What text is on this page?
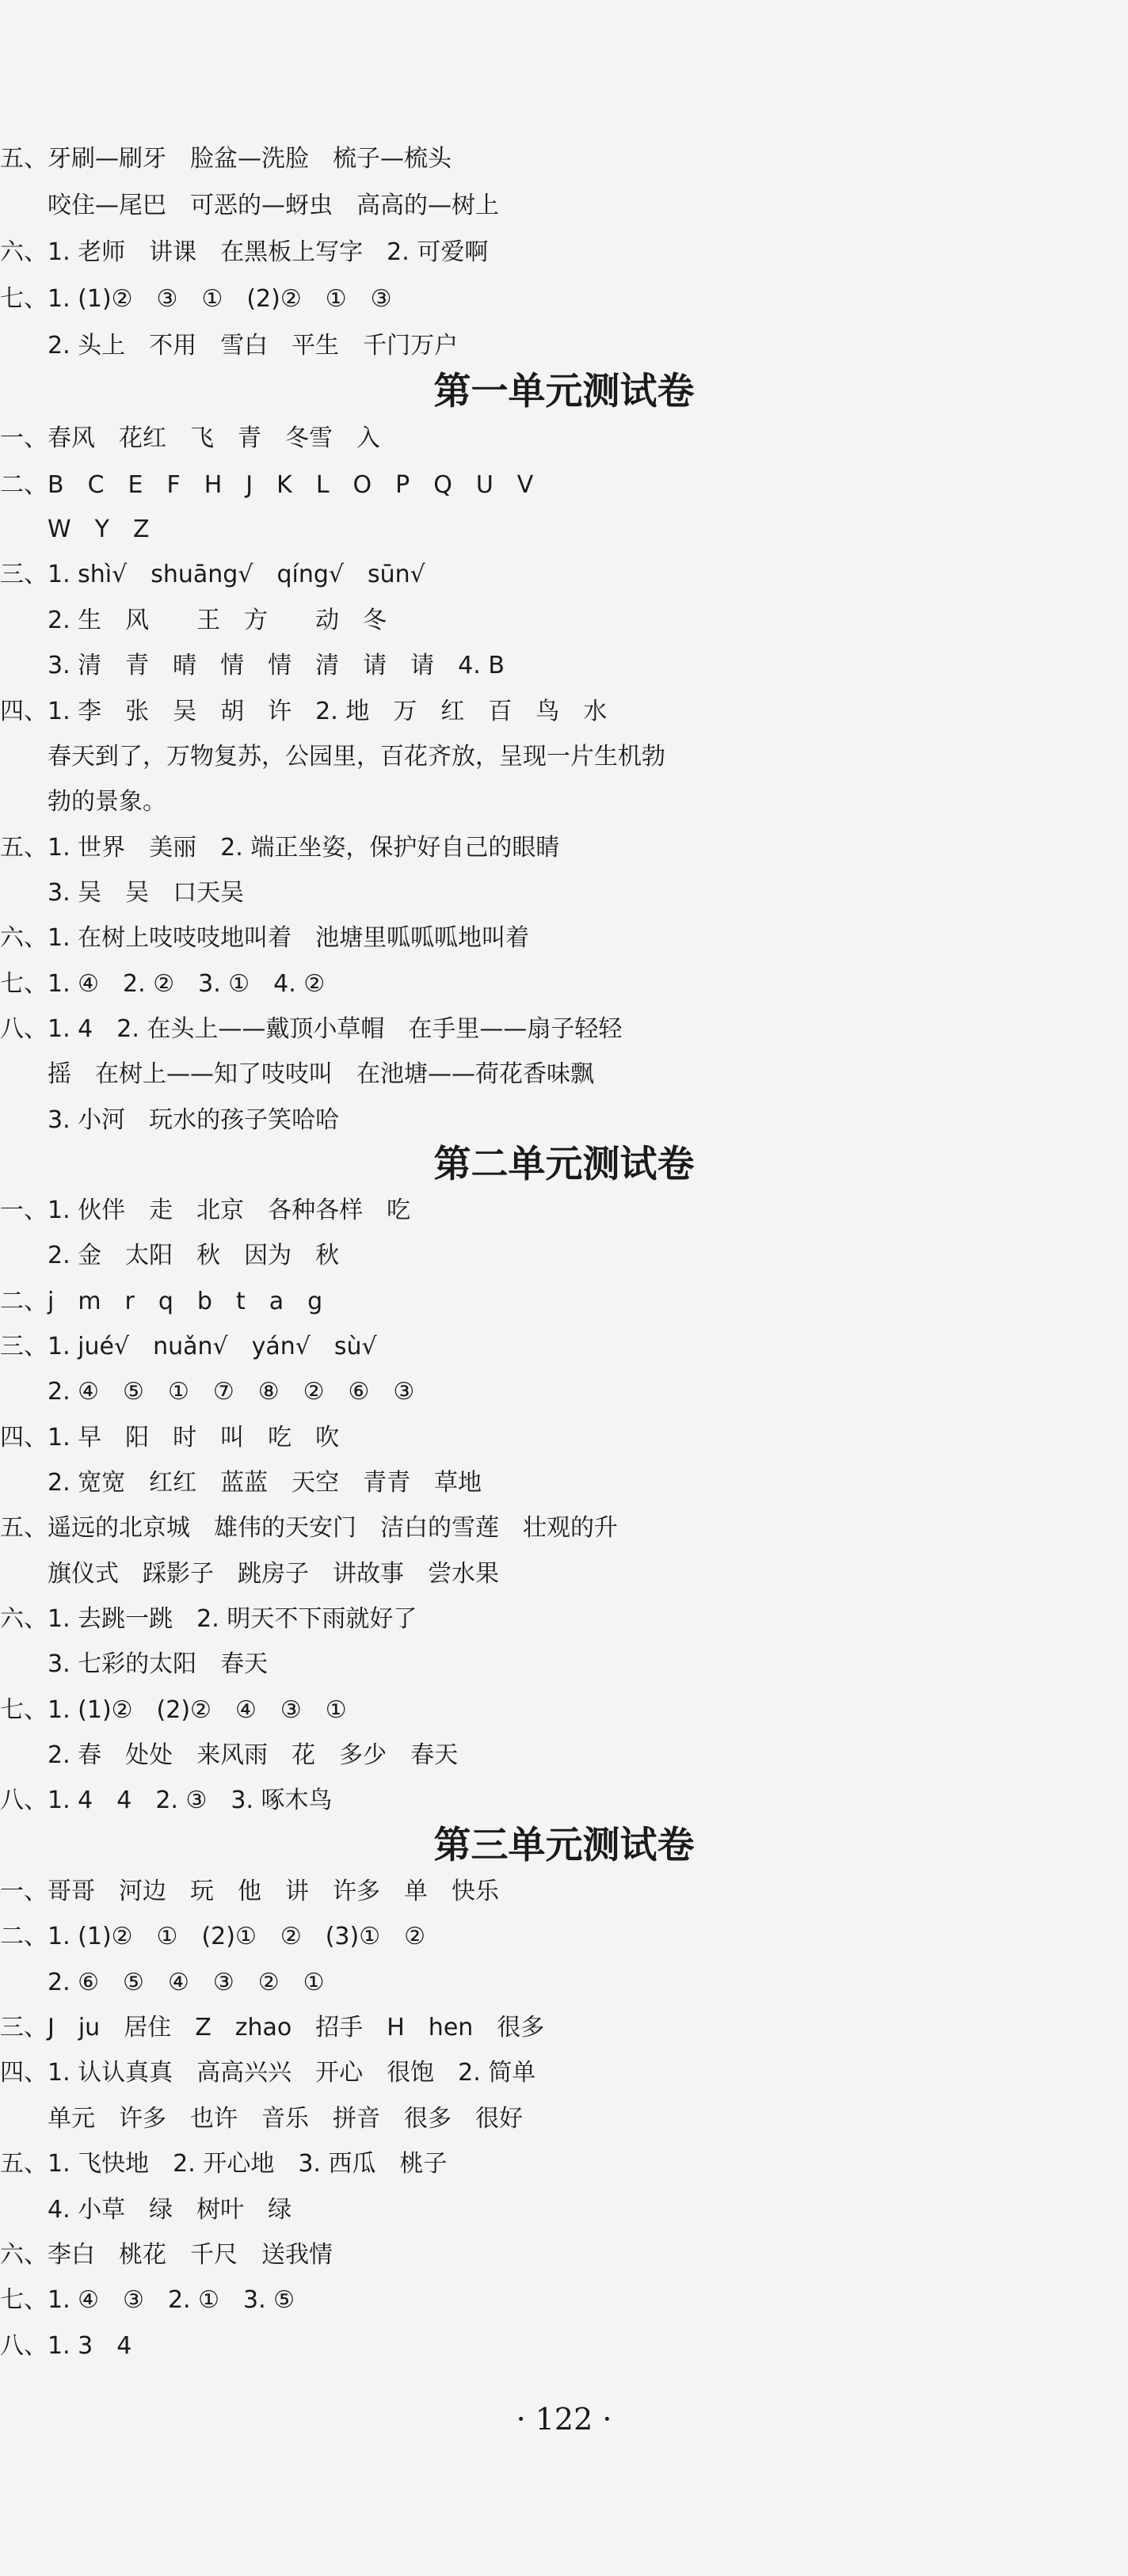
五、牙刷—刷牙　脸盆—洗脸　梳子—梳头
　　咬住—尾巴　可恶的—蚜虫　高高的—树上
六、1. 老师　讲课　在黑板上写字　2. 可爱啊
七、1. (1)②　③　①　(2)②　①　③
　　2. 头上　不用　雪白　平生　千门万户
第一单元测试卷
一、春风　花红　飞　青　冬雪　入
二、B　C　E　F　H　J　K　L　O　P　Q　U　V
　　W　Y　Z
三、1. shì√　shuāng√　qíng√　sūn√
　　2. 生　风　　王　方　　动　冬
　　3. 清　青　晴　情　情　清　请　请　4. B
四、1. 李　张　吴　胡　许　2. 地　万　红　百　鸟　水
　　春天到了，万物复苏，公园里，百花齐放，呈现一片生机勃
　　勃的景象。
五、1. 世界　美丽　2. 端正坐姿，保护好自己的眼睛
　　3. 吴　吴　口天吴
六、1. 在树上吱吱吱地叫着　池塘里呱呱呱地叫着
七、1. ④　2. ②　3. ①　4. ②
八、1. 4　2. 在头上——戴顶小草帽　在手里——扇子轻轻
　　摇　在树上——知了吱吱叫　在池塘——荷花香味飘
　　3. 小河　玩水的孩子笑哈哈
第二单元测试卷
一、1. 伙伴　走　北京　各种各样　吃
　　2. 金　太阳　秋　因为　秋
二、j　m　r　q　b　t　a　g
三、1. jué√　nuǎn√　yán√　sù√
　　2. ④　⑤　①　⑦　⑧　②　⑥　③
四、1. 早　阳　时　叫　吃　吹
　　2. 宽宽　红红　蓝蓝　天空　青青　草地
五、遥远的北京城　雄伟的天安门　洁白的雪莲　壮观的升
　　旗仪式　踩影子　跳房子　讲故事　尝水果
六、1. 去跳一跳　2. 明天不下雨就好了
　　3. 七彩的太阳　春天
七、1. (1)②　(2)②　④　③　①
　　2. 春　处处　来风雨　花　多少　春天
八、1. 4　4　2. ③　3. 啄木鸟
第三单元测试卷
一、哥哥　河边　玩　他　讲　许多　单　快乐
二、1. (1)②　①　(2)①　②　(3)①　②
　　2. ⑥　⑤　④　③　②　①
三、J　ju　居住　Z　zhao　招手　H　hen　很多
四、1. 认认真真　高高兴兴　开心　很饱　2. 简单
　　单元　许多　也许　音乐　拼音　很多　很好
五、1. 飞快地　2. 开心地　3. 西瓜　桃子
　　4. 小草　绿　树叶　绿
六、李白　桃花　千尺　送我情
七、1. ④　③　2. ①　3. ⑤
八、1. 3　4
· 122 ·
